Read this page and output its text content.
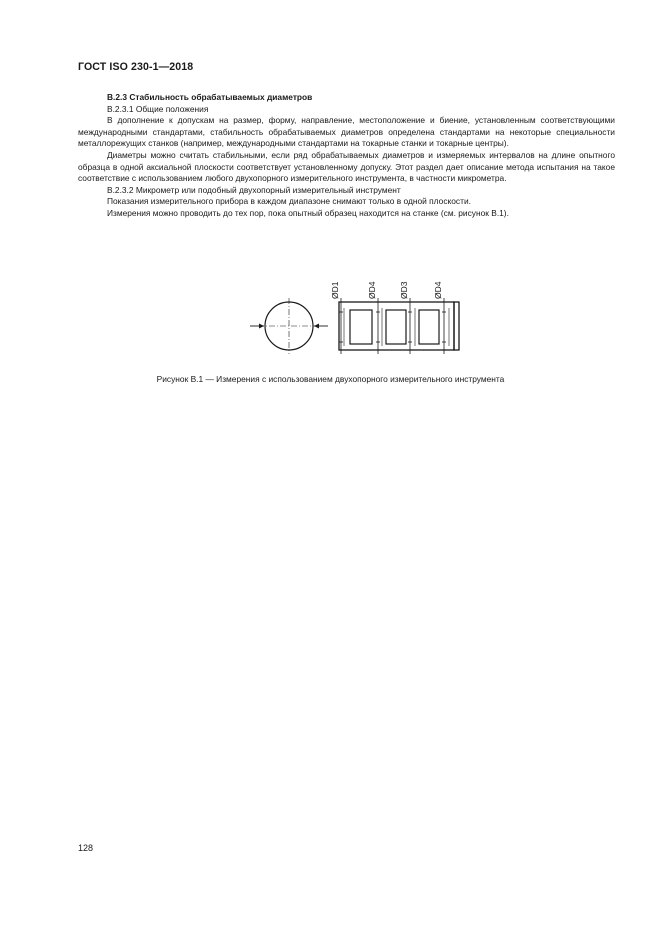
ГОСТ ISO 230-1—2018

B.2.3 Стабильность обрабатываемых диаметров

B.2.3.1 Общие положения

В дополнение к допускам на размер, форму, направление, местоположение и биение, установленным соответствующими международными стандартами, стабильность обрабатываемых диаметров определена стандартами на некоторые специальности металлорежущих станков (например, международными стандартами на токарные станки и токарные центры).

Диаметры можно считать стабильными, если ряд обрабатываемых диаметров и измеряемых интервалов на длине опытного образца в одной аксиальной плоскости соответствует установленному допуску. Этот раздел дает описание метода испытания на такое соответствие с использованием любого двухопорного измерительного инструмента, в частности микрометра.

B.2.3.2 Микрометр или подобный двухопорный измерительный инструмент

Показания измерительного прибора в каждом диапазоне снимают только в одной плоскости.

Измерения можно проводить до тех пор, пока опытный образец находится на станке (см. рисунок В.1).

ØD1	ØD4	ØD3	ØD4
Рисунок В.1 — Измерения с использованием двухопорного измерительного инструмента
128
